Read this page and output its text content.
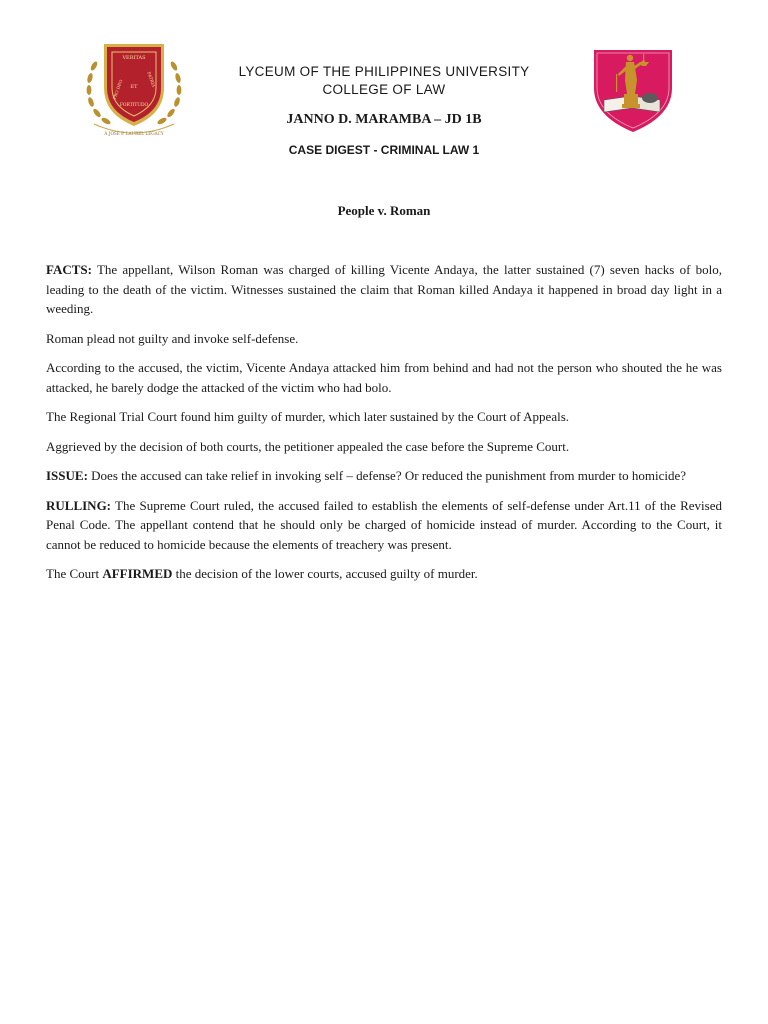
VERITAS
PRO DEO ET PATRIA
FORTITUDO
A JOSE P. LAUREL LEGACY
LYCEUM OF THE PHILIPPINES UNIVERSITY
COLLEGE OF LAW
JANNO D. MARAMBA – JD 1B
CASE DIGEST - CRIMINAL LAW 1
People v. Roman

FACTS: The appellant, Wilson Roman was charged of killing Vicente Andaya, the latter sustained (7) seven hacks of bolo, leading to the death of the victim. Witnesses sustained the claim that Roman killed Andaya it happened in broad day light in a weeding.

Roman plead not guilty and invoke self-defense.

According to the accused, the victim, Vicente Andaya attacked him from behind and had not the person who shouted the he was attacked, he barely dodge the attacked of the victim who had bolo.

The Regional Trial Court found him guilty of murder, which later sustained by the Court of Appeals.

Aggrieved by the decision of both courts, the petitioner appealed the case before the Supreme Court.

ISSUE: Does the accused can take relief in invoking self – defense? Or reduced the punishment from murder to homicide?

RULLING: The Supreme Court ruled, the accused failed to establish the elements of self-defense under Art.11 of the Revised Penal Code. The appellant contend that he should only be charged of homicide instead of murder. According to the Court, it cannot be reduced to homicide because the elements of treachery was present.

The Court AFFIRMED the decision of the lower courts, accused guilty of murder.
